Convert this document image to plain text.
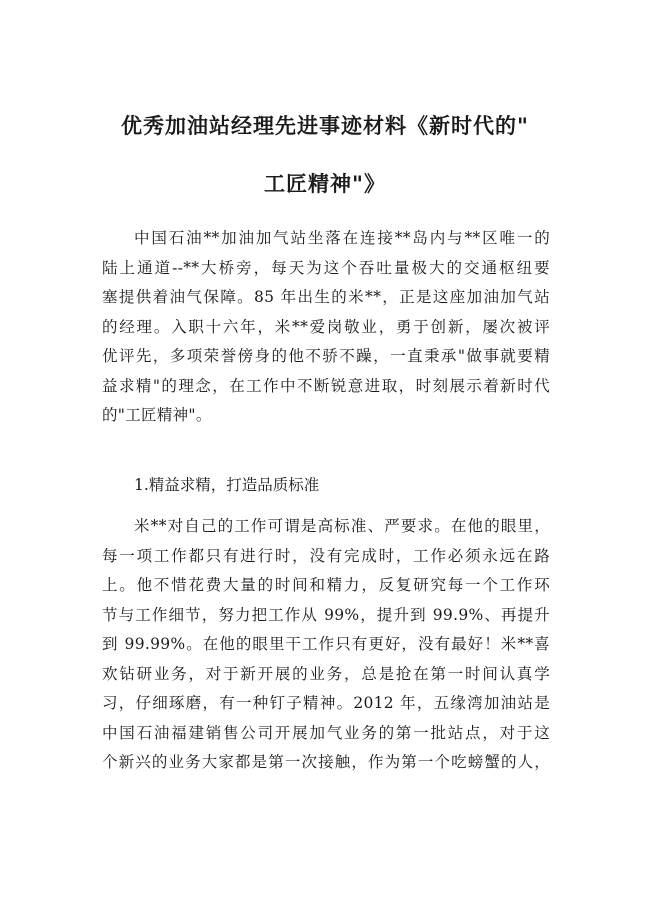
优秀加油站经理先进事迹材料《新时代的"
工匠精神"》
中国石油**加油加气站坐落在连接**岛内与**区唯一的
陆上通道--**大桥旁，每天为这个吞吐量极大的交通枢纽要
塞提供着油气保障。85 年出生的米**，正是这座加油加气站
的经理。入职十六年，米**爱岗敬业，勇于创新，屡次被评
优评先，多项荣誉傍身的他不骄不躁，一直秉承"做事就要精
益求精"的理念，在工作中不断锐意进取，时刻展示着新时代
的"工匠精神"。
1.精益求精，打造品质标准
米**对自己的工作可谓是高标准、严要求。在他的眼里，
每一项工作都只有进行时，没有完成时，工作必须永远在路
上。他不惜花费大量的时间和精力，反复研究每一个工作环
节与工作细节，努力把工作从 99%，提升到 99.9%、再提升
到 99.99%。在他的眼里干工作只有更好，没有最好！米**喜
欢钻研业务，对于新开展的业务，总是抢在第一时间认真学
习，仔细琢磨，有一种钉子精神。2012 年，五缘湾加油站是
中国石油福建销售公司开展加气业务的第一批站点，对于这
个新兴的业务大家都是第一次接触，作为第一个吃螃蟹的人，
